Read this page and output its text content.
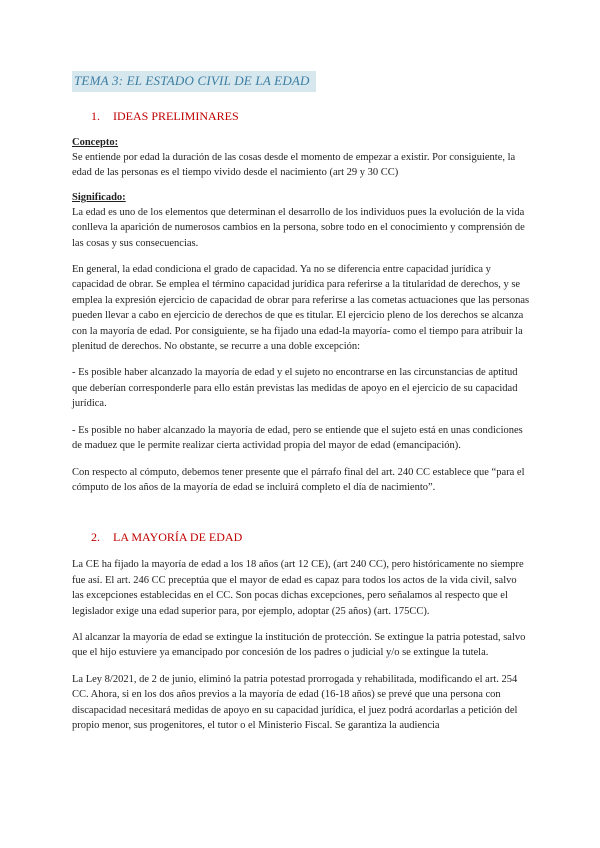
TEMA 3: EL ESTADO CIVIL DE LA EDAD
1. IDEAS PRELIMINARES
Concepto:

Se entiende por edad la duración de las cosas desde el momento de empezar a existir. Por consiguiente, la edad de las personas es el tiempo vivido desde el nacimiento (art 29 y 30 CC)

Significado:

La edad es uno de los elementos que determinan el desarrollo de los individuos pues la evolución de la vida conlleva la aparición de numerosos cambios en la persona, sobre todo en el conocimiento y comprensión de las cosas y sus consecuencias.

En general, la edad condiciona el grado de capacidad. Ya no se diferencia entre capacidad jurídica y capacidad de obrar. Se emplea el término capacidad jurídica para referirse a la titularidad de derechos, y se emplea la expresión ejercicio de capacidad de obrar para referirse a las cometas actuaciones que las personas pueden llevar a cabo en ejercicio de derechos de que es titular. El ejercicio pleno de los derechos se alcanza con la mayoría de edad. Por consiguiente, se ha fijado una edad-la mayoría- como el tiempo para atribuir la plenitud de derechos. No obstante, se recurre a una doble excepción:

- Es posible haber alcanzado la mayoría de edad y el sujeto no encontrarse en las circunstancias de aptitud que deberían corresponderle para ello están previstas las medidas de apoyo en el ejercicio de su capacidad jurídica.

- Es posible no haber alcanzado la mayoría de edad, pero se entiende que el sujeto está en unas condiciones de maduez que le permite realizar cierta actividad propia del mayor de edad (emancipación).

Con respecto al cómputo, debemos tener presente que el párrafo final del art. 240 CC establece que “para el cómputo de los años de la mayoría de edad se incluirá completo el día de nacimiento”.

2. LA MAYORÍA DE EDAD

La CE ha fijado la mayoría de edad a los 18 años (art 12 CE), (art 240 CC), pero históricamente no siempre fue así. El art. 246 CC preceptúa que el mayor de edad es capaz para todos los actos de la vida civil, salvo las excepciones establecidas en el CC. Son pocas dichas excepciones, pero señalamos al respecto que el legislador exige una edad superior para, por ejemplo, adoptar (25 años) (art. 175CC).

Al alcanzar la mayoría de edad se extingue la institución de protección. Se extingue la patria potestad, salvo que el hijo estuviere ya emancipado por concesión de los padres o judicial y/o se extingue la tutela.

La Ley 8/2021, de 2 de junio, eliminó la patria potestad prorrogada y rehabilitada, modificando el art. 254 CC. Ahora, si en los dos años previos a la mayoría de edad (16-18 años) se prevé que una persona con discapacidad necesitará medidas de apoyo en su capacidad jurídica, el juez podrá acordarlas a petición del propio menor, sus progenitores, el tutor o el Ministerio Fiscal. Se garantiza la audiencia
